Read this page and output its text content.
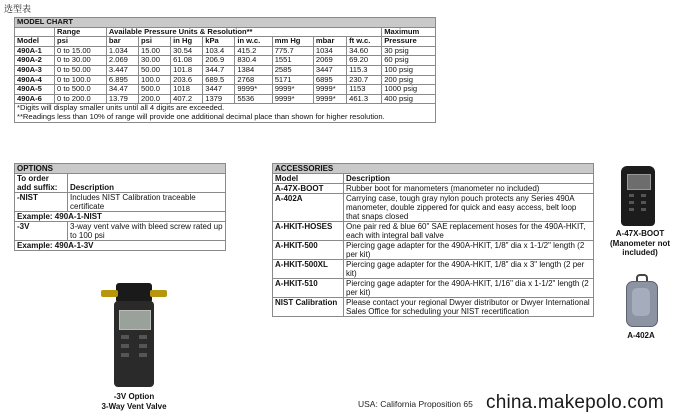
选型表
MODEL CHART										
	Range	Available Pressure Units & Resolution**								Maximum
Model	psi	bar	psi	in Hg	kPa	in w.c.	mm Hg	mbar	ft w.c.	Pressure
490A-1	0 to 15.00	1.034	15.00	30.54	103.4	415.2	775.7	1034	34.60	30 psig
490A-2	0 to 30.00	2.069	30.00	61.08	206.9	830.4	1551	2069	69.20	60 psig
490A-3	0 to 50.00	3.447	50.00	101.8	344.7	1384	2585	3447	115.3	100 psig
490A-4	0 to 100.0	6.895	100.0	203.6	689.5	2768	5171	6895	230.7	200 psig
490A-5	0 to 500.0	34.47	500.0	1018	3447	9999*	9999*	9999*	1153	1000 psig
490A-6	0 to 200.0	13.79	200.0	407.2	1379	5536	9999*	9999*	461.3	400 psig
*Digits will display smaller units until all 4 digits are exceeded.
**Readings less than 10% of range will provide one additional decimal place than shown for higher resolution.										
OPTIONS	
To order
add suffix:	Description
-NIST	Includes NIST Calibration traceable certificate
Example: 490A-1-NIST	
-3V	3-way vent valve with bleed screw rated up to 100 psi
Example: 490A-1-3V	
ACCESSORIES	
Model	Description
A-47X-BOOT	Rubber boot for manometers (manometer no included)
A-402A	Carrying case, tough gray nylon pouch protects any Series 490A manometer, double zippered for quick and easy access, belt loop that snaps closed
A-HKIT-HOSES	One pair red & blue 60" SAE replacement hoses for the 490A-HKIT, each with integral ball valve
A-HKIT-500	Piercing gage adapter for the 490A-HKIT, 1/8" dia x 1-1/2" length (2 per kit)
A-HKIT-500XL	Piercing gage adapter for the 490A-HKIT, 1/8" dia x 3" length (2 per kit)
A-HKIT-510	Piercing gage adapter for the 490A-HKIT, 1/16" dia x 1-1/2" length (2 per kit)
NIST Calibration	Please contact your regional Dwyer distributor or Dwyer International Sales Office for scheduling your NIST recertification
A-47X-BOOT
(Manometer not
included)
A-402A
-3V Option
3-Way Vent Valve	USA: California Proposition 65 china.makepolo.com
